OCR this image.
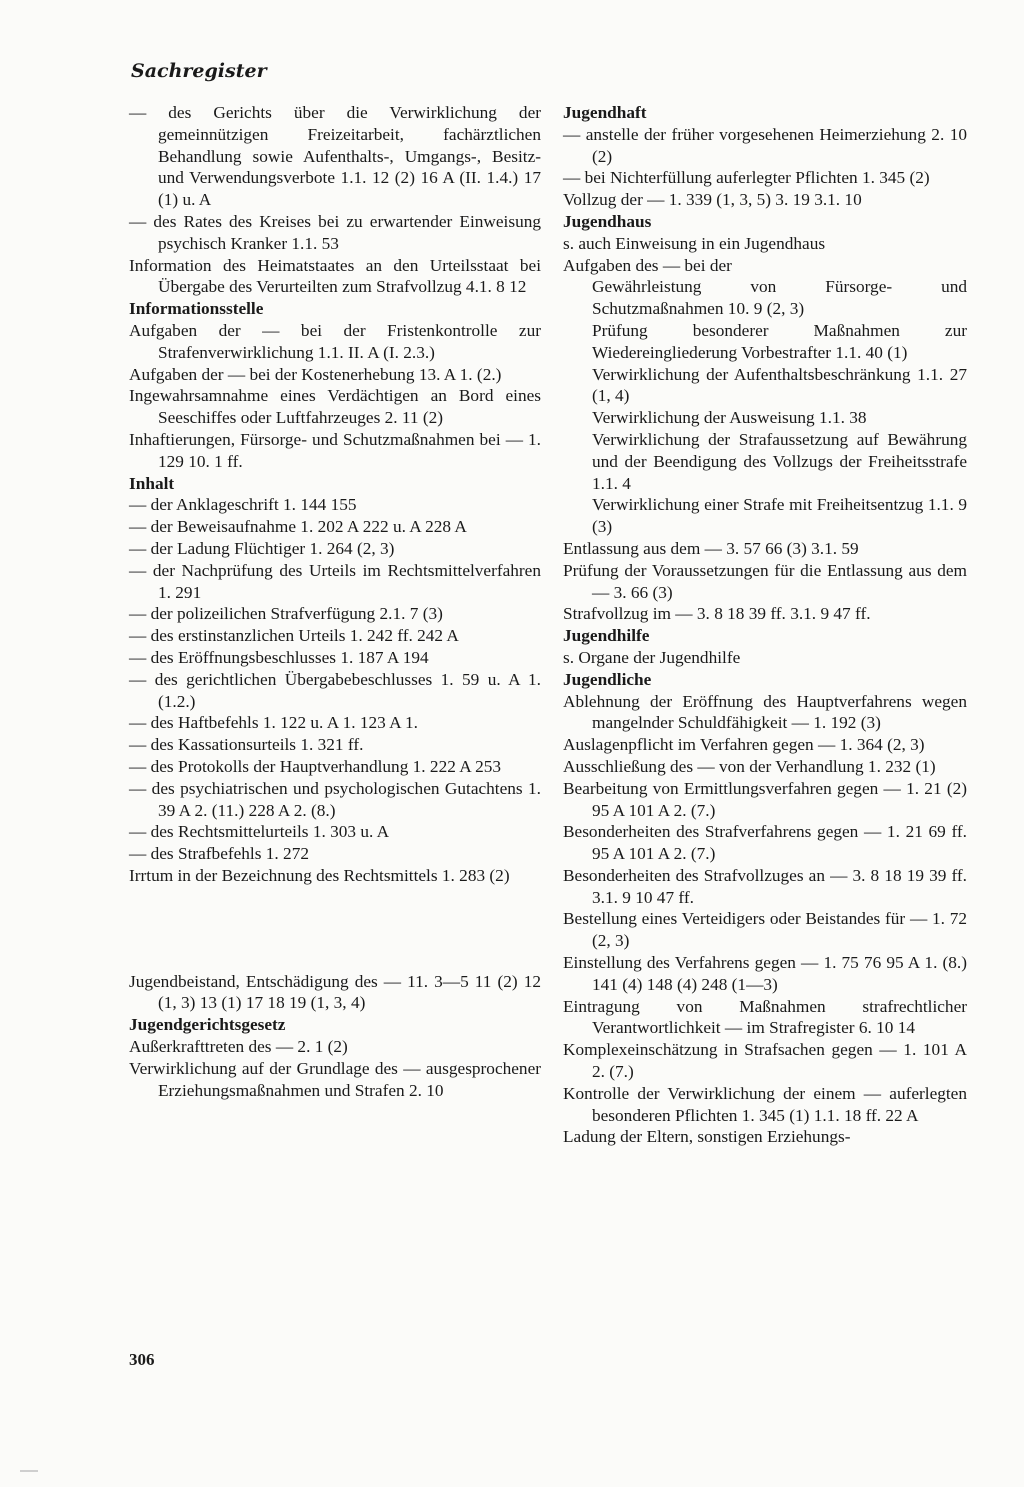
Sachregister

— des Gerichts über die Verwirklichung der gemeinnützigen Freizeitarbeit, fachärztlichen Behandlung sowie Aufenthalts-, Umgangs-, Besitz- und Verwendungsverbote 1.1. 12 (2) 16 A (II. 1.4.) 17 (1) u. A

— des Rates des Kreises bei zu erwartender Einweisung psychisch Kranker 1.1. 53

Information des Heimatstaates an den Urteilsstaat bei Übergabe des Verurteilten zum Strafvollzug 4.1. 8 12

Informationsstelle

Aufgaben der — bei der Fristenkontrolle zur Strafenverwirklichung 1.1. II. A (I. 2.3.)

Aufgaben der — bei der Kostenerhebung 13. A 1. (2.)

Ingewahrsamnahme eines Verdächtigen an Bord eines Seeschiffes oder Luftfahrzeuges 2. 11 (2)

Inhaftierungen, Fürsorge- und Schutzmaßnahmen bei — 1. 129 10. 1 ff.

Inhalt

— der Anklageschrift 1. 144 155

— der Beweisaufnahme 1. 202 A 222 u. A 228 A

— der Ladung Flüchtiger 1. 264 (2, 3)

— der Nachprüfung des Urteils im Rechtsmittelverfahren 1. 291

— der polizeilichen Strafverfügung 2.1. 7 (3)

— des erstinstanzlichen Urteils 1. 242 ff. 242 A

— des Eröffnungsbeschlusses 1. 187 A 194

— des gerichtlichen Übergabebeschlusses 1. 59 u. A 1. (1.2.)

— des Haftbefehls 1. 122 u. A 1. 123 A 1.

— des Kassationsurteils 1. 321 ff.

— des Protokolls der Hauptverhandlung 1. 222 A 253

— des psychiatrischen und psychologischen Gutachtens 1. 39 A 2. (11.) 228 A 2. (8.)

— des Rechtsmittelurteils 1. 303 u. A

— des Strafbefehls 1. 272

Irrtum in der Bezeichnung des Rechtsmittels 1. 283 (2)

Jugendbeistand, Entschädigung des — 11. 3—5 11 (2) 12 (1, 3) 13 (1) 17 18 19 (1, 3, 4)

Jugendgerichtsgesetz

Außerkrafttreten des — 2. 1 (2)

Verwirklichung auf der Grundlage des — ausgesprochener Erziehungsmaßnahmen und Strafen 2. 10

Jugendhaft

— anstelle der früher vorgesehenen Heimerziehung 2. 10 (2)

— bei Nichterfüllung auferlegter Pflichten 1. 345 (2)

Vollzug der — 1. 339 (1, 3, 5) 3. 19 3.1. 10

Jugendhaus

s. auch Einweisung in ein Jugendhaus

Aufgaben des — bei der

Gewährleistung von Fürsorge- und Schutzmaßnahmen 10. 9 (2, 3)

Prüfung besonderer Maßnahmen zur Wiedereingliederung Vorbestrafter 1.1. 40 (1)

Verwirklichung der Aufenthaltsbeschränkung 1.1. 27 (1, 4)

Verwirklichung der Ausweisung 1.1. 38

Verwirklichung der Strafaussetzung auf Bewährung und der Beendigung des Vollzugs der Freiheitsstrafe 1.1. 4

Verwirklichung einer Strafe mit Freiheitsentzug 1.1. 9 (3)

Entlassung aus dem — 3. 57 66 (3) 3.1. 59

Prüfung der Voraussetzungen für die Entlassung aus dem — 3. 66 (3)

Strafvollzug im — 3. 8 18 39 ff. 3.1. 9 47 ff.

Jugendhilfe

s. Organe der Jugendhilfe

Jugendliche

Ablehnung der Eröffnung des Hauptverfahrens wegen mangelnder Schuldfähigkeit — 1. 192 (3)

Auslagenpflicht im Verfahren gegen — 1. 364 (2, 3)

Ausschließung des — von der Verhandlung 1. 232 (1)

Bearbeitung von Ermittlungsverfahren gegen — 1. 21 (2) 95 A 101 A 2. (7.)

Besonderheiten des Strafverfahrens gegen — 1. 21 69 ff. 95 A 101 A 2. (7.)

Besonderheiten des Strafvollzuges an — 3. 8 18 19 39 ff. 3.1. 9 10 47 ff.

Bestellung eines Verteidigers oder Beistandes für — 1. 72 (2, 3)

Einstellung des Verfahrens gegen — 1. 75 76 95 A 1. (8.) 141 (4) 148 (4) 248 (1—3)

Eintragung von Maßnahmen strafrechtlicher Verantwortlichkeit — im Strafregister 6. 10 14

Komplexeinschätzung in Strafsachen gegen — 1. 101 A 2. (7.)

Kontrolle der Verwirklichung der einem — auferlegten besonderen Pflichten 1. 345 (1) 1.1. 18 ff. 22 A

Ladung der Eltern, sonstigen Erziehungs-

306
